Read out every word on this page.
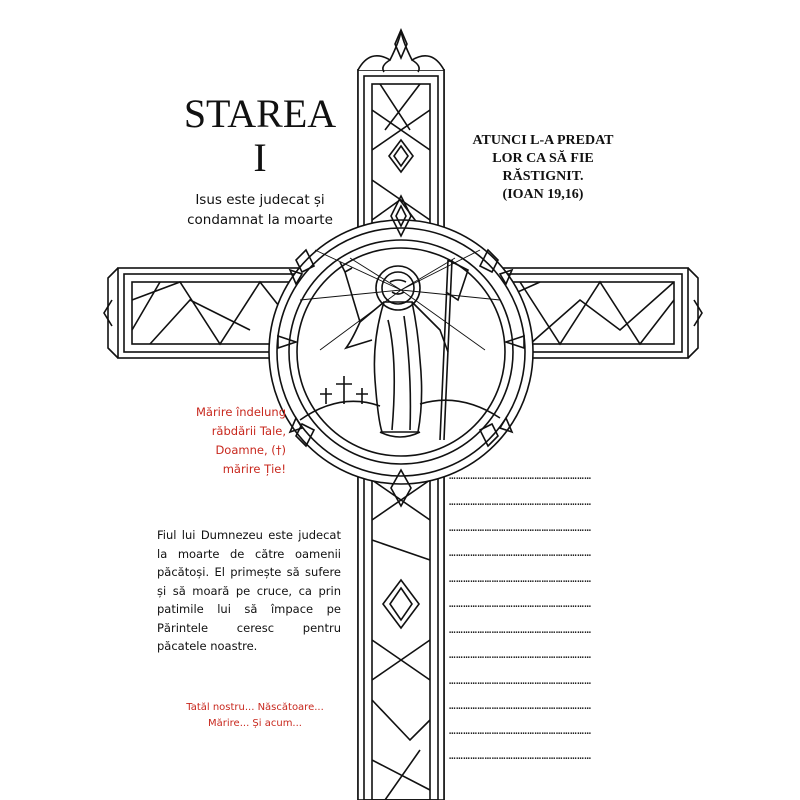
STAREA
I
Isus este judecat și
condamnat la moarte
ATUNCI L-A PREDAT
LOR CA SĂ FIE
RĂSTIGNIT.
(IOAN 19,16)
Mărire îndelung
răbdării Tale,
Doamne, (†)
mărire Ție!
Fiul lui Dumnezeu este judecat la moarte de către oamenii păcătoși. El primește să sufere și să moară pe cruce, ca prin patimile lui să împace pe Părintele ceresc pentru păcatele noastre.
Tatăl nostru... Născătoare...
Mărire... Și acum...
……………………………………………………
……………………………………………………
……………………………………………………
……………………………………………………
……………………………………………………
……………………………………………………
……………………………………………………
……………………………………………………
……………………………………………………
……………………………………………………
……………………………………………………
……………………………………………………
